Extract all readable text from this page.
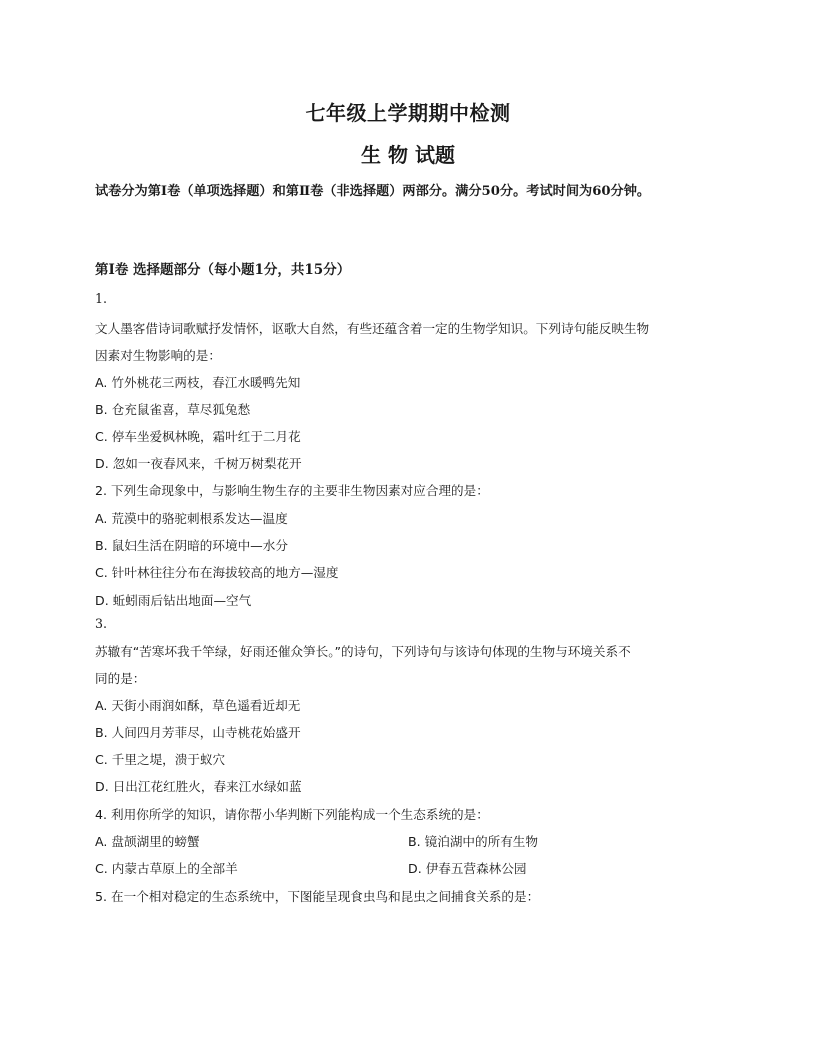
七年级上学期期中检测
生 物 试题
试卷分为第Ⅰ卷（单项选择题）和第Ⅱ卷（非选择题）两部分。满分50分。考试时间为60分钟。
第Ⅰ卷 选择题部分（每小题1分，共15分）
1.
文人墨客借诗词歌赋抒发情怀，讴歌大自然，有些还蕴含着一定的生物学知识。下列诗句能反映生物
因素对生物影响的是：
A. 竹外桃花三两枝，春江水暖鸭先知
B. 仓充鼠雀喜，草尽狐兔愁
C. 停车坐爱枫林晚，霜叶红于二月花
D. 忽如一夜春风来，千树万树梨花开
2. 下列生命现象中，与影响生物生存的主要非生物因素对应合理的是：
A. 荒漠中的骆驼刺根系发达—温度
B. 鼠妇生活在阴暗的环境中—水分
C. 针叶林往往分布在海拔较高的地方—湿度
D. 蚯蚓雨后钻出地面—空气
3.
苏辙有“苦寒坏我千竿绿，好雨还催众笋长。”的诗句，下列诗句与该诗句体现的生物与环境关系不
同的是：
A. 天街小雨润如酥，草色遥看近却无
B. 人间四月芳菲尽，山寺桃花始盛开
C. 千里之堤，溃于蚁穴
D. 日出江花红胜火，春来江水绿如蓝
4. 利用你所学的知识，请你帮小华判断下列能构成一个生态系统的是：
A. 盘颉湖里的螃蟹	B. 镜泊湖中的所有生物
C. 内蒙古草原上的全部羊	D. 伊春五营森林公园
5. 在一个相对稳定的生态系统中，下图能呈现食虫鸟和昆虫之间捕食关系的是：
